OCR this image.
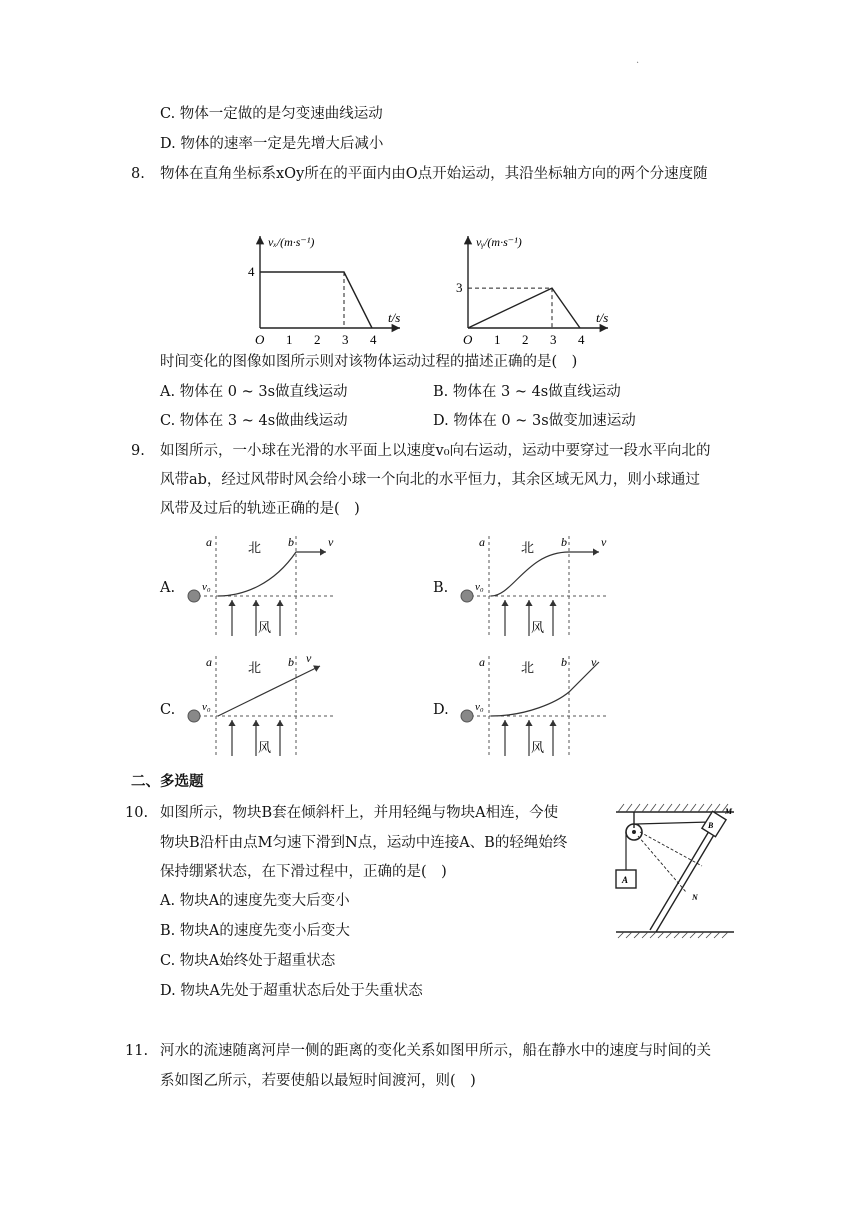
·
C. 物体一定做的是匀变速曲线运动
D. 物体的速率一定是先增大后减小
8. 物体在直角坐标系xOy所在的平面内由O点开始运动，其沿坐标轴方向的两个分速度随
vₓ/(m·s⁻¹)
4
O 1 2 3 4
t/s
vᵧ/(m·s⁻¹)
3
O 1 2 3 4
t/s
时间变化的图像如图所示则对该物体运动过程的描述正确的是(　)
A. 物体在 0 ~ 3s做直线运动	B. 物体在 3 ~ 4s做直线运动
C. 物体在 3 ~ 4s做曲线运动	D. 物体在 0 ~ 3s做变加速运动
9. 如图所示，一小球在光滑的水平面上以速度v₀向右运动，运动中要穿过一段水平向北的
风带ab，经过风带时风会给小球一个向北的水平恒力，其余区域无风力，则小球通过
风带及过后的轨迹正确的是(　)
A.	B.
C.	D.
a	b
北
风
v₀
v	a	b
北
风
v₀
v
a	b
北
风
v₀
v	a	b
北
风
v₀
v
二、多选题
10. 如图所示，物块B套在倾斜杆上，并用轻绳与物块A相连，今使
物块B沿杆由点M匀速下滑到N点，运动中连接A、B的轻绳始终
保持绷紧状态，在下滑过程中，正确的是(　)
A. 物块A的速度先变大后变小
B. 物块A的速度先变小后变大
C. 物块A始终处于超重状态
D. 物块A先处于超重状态后处于失重状态
A
B
M
N
11. 河水的流速随离河岸一侧的距离的变化关系如图甲所示，船在静水中的速度与时间的关
系如图乙所示，若要使船以最短时间渡河，则(　)
